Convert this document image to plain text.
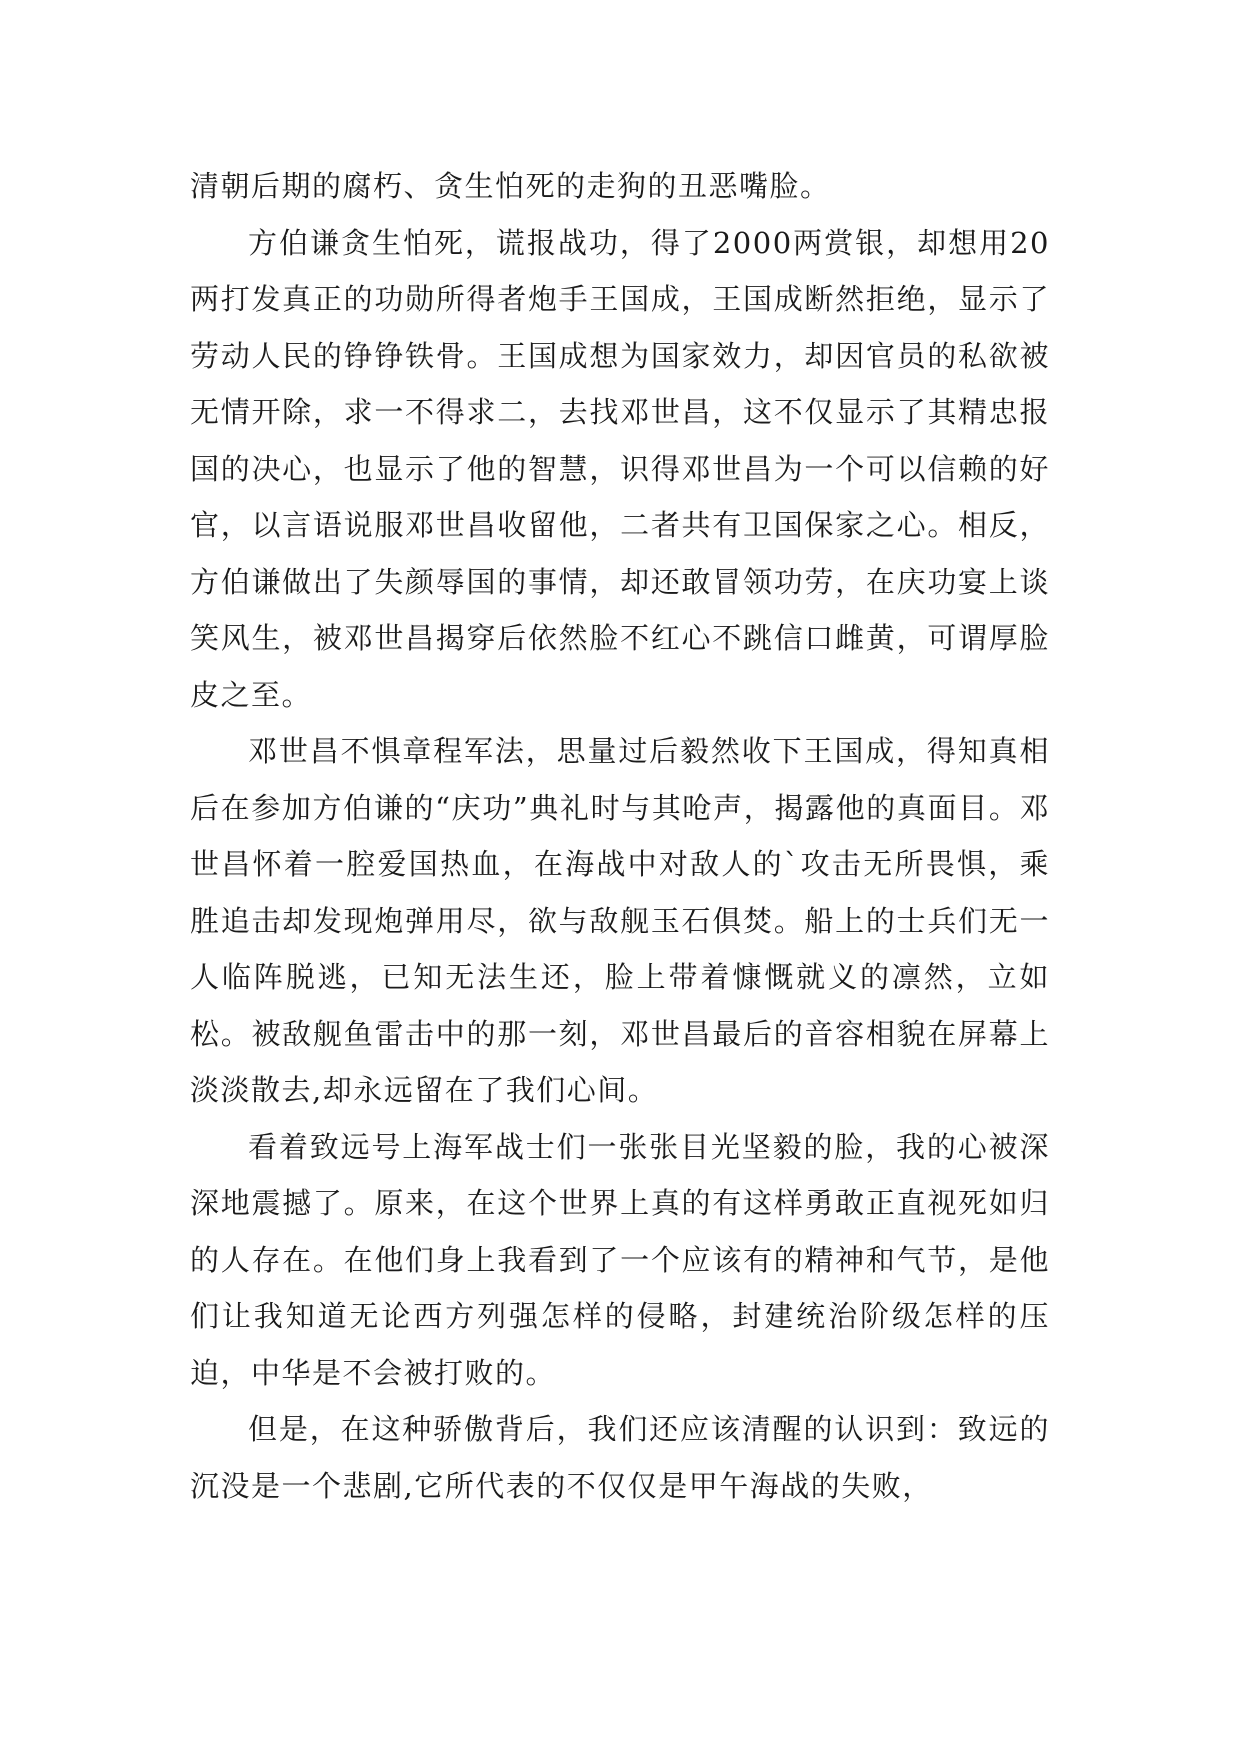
清朝后期的腐朽、贪生怕死的走狗的丑恶嘴脸。

方伯谦贪生怕死，谎报战功，得了2000两赏银，却想用20两打发真正的功勋所得者炮手王国成，王国成断然拒绝，显示了劳动人民的铮铮铁骨。王国成想为国家效力，却因官员的私欲被无情开除，求一不得求二，去找邓世昌，这不仅显示了其精忠报国的决心，也显示了他的智慧，识得邓世昌为一个可以信赖的好官，以言语说服邓世昌收留他，二者共有卫国保家之心。相反，方伯谦做出了失颜辱国的事情，却还敢冒领功劳，在庆功宴上谈笑风生，被邓世昌揭穿后依然脸不红心不跳信口雌黄，可谓厚脸皮之至。

邓世昌不惧章程军法，思量过后毅然收下王国成，得知真相后在参加方伯谦的“庆功”典礼时与其呛声，揭露他的真面目。邓世昌怀着一腔爱国热血，在海战中对敌人的`攻击无所畏惧，乘胜追击却发现炮弹用尽，欲与敌舰玉石俱焚。船上的士兵们无一人临阵脱逃，已知无法生还，脸上带着慷慨就义的凛然，立如松。被敌舰鱼雷击中的那一刻，邓世昌最后的音容相貌在屏幕上淡淡散去,却永远留在了我们心间。

看着致远号上海军战士们一张张目光坚毅的脸，我的心被深深地震撼了。原来，在这个世界上真的有这样勇敢正直视死如归的人存在。在他们身上我看到了一个应该有的精神和气节，是他们让我知道无论西方列强怎样的侵略，封建统治阶级怎样的压迫，中华是不会被打败的。

但是，在这种骄傲背后，我们还应该清醒的认识到：致远的沉没是一个悲剧,它所代表的不仅仅是甲午海战的失败，
